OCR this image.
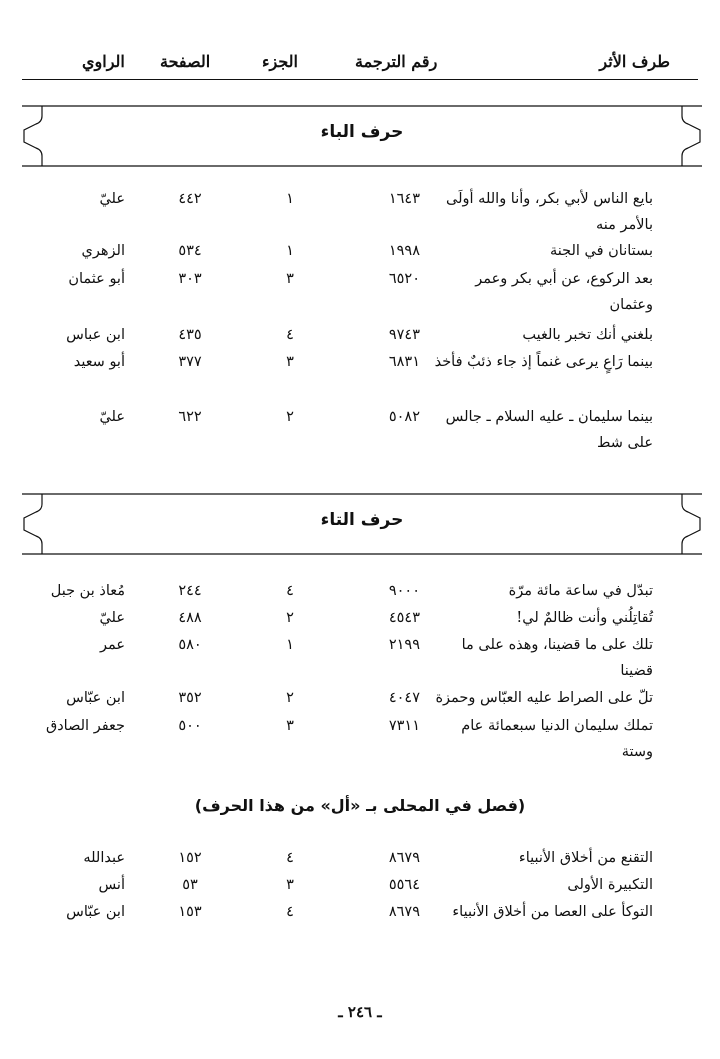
طرف الأثر
رقم الترجمة
الجزء
الصفحة
الراوي
حرف الباء
بايع الناس لأبي بكر، وأنا والله أولَى بالأمر منه
١٦٤٣
١
٤٤٢
عليّ
بستانان في الجنة
١٩٩٨
١
٥٣٤
الزهري
بعد الركوع، عن أبي بكر وعمر وعثمان
٦٥٢٠
٣
٣٠٣
أبو عثمان
بلغني أنك تخبر بالغيب
٩٧٤٣
٤
٤٣٥
ابن عباس
بينما رَاعٍ يرعى غنماً إذ جاء ذئبٌ فأخذ
٦٨٣١
٣
٣٧٧
أبو سعيد
بينما سليمان ـ عليه السلام ـ جالس على شط
٥٠٨٢
٢
٦٢٢
عليّ
حرف التاء
تبدّل في ساعة مائة مرّة
٩٠٠٠
٤
٢٤٤
مُعاذ بن جبل
تُقاتِلُني وأنت ظالمٌ لي!
٤٥٤٣
٢
٤٨٨
عليّ
تلك على ما قضينا، وهذه على ما قضينا
٢١٩٩
١
٥٨٠
عمر
تلّ على الصراط عليه العبّاس وحمزة
٤٠٤٧
٢
٣٥٢
ابن عبّاس
تملك سليمان الدنيا سبعمائة عام وستة
٧٣١١
٣
٥٠٠
جعفر الصادق
(فصل في المحلى بـ «أل» من هذا الحرف)
التقنع من أخلاق الأنبياء
٨٦٧٩
٤
١٥٢
عبدالله
التكبيرة الأولى
٥٥٦٤
٣
٥٣
أنس
التوكأ على العصا من أخلاق الأنبياء
٨٦٧٩
٤
١٥٣
ابن عبّاس
ـ ٢٤٦ ـ
